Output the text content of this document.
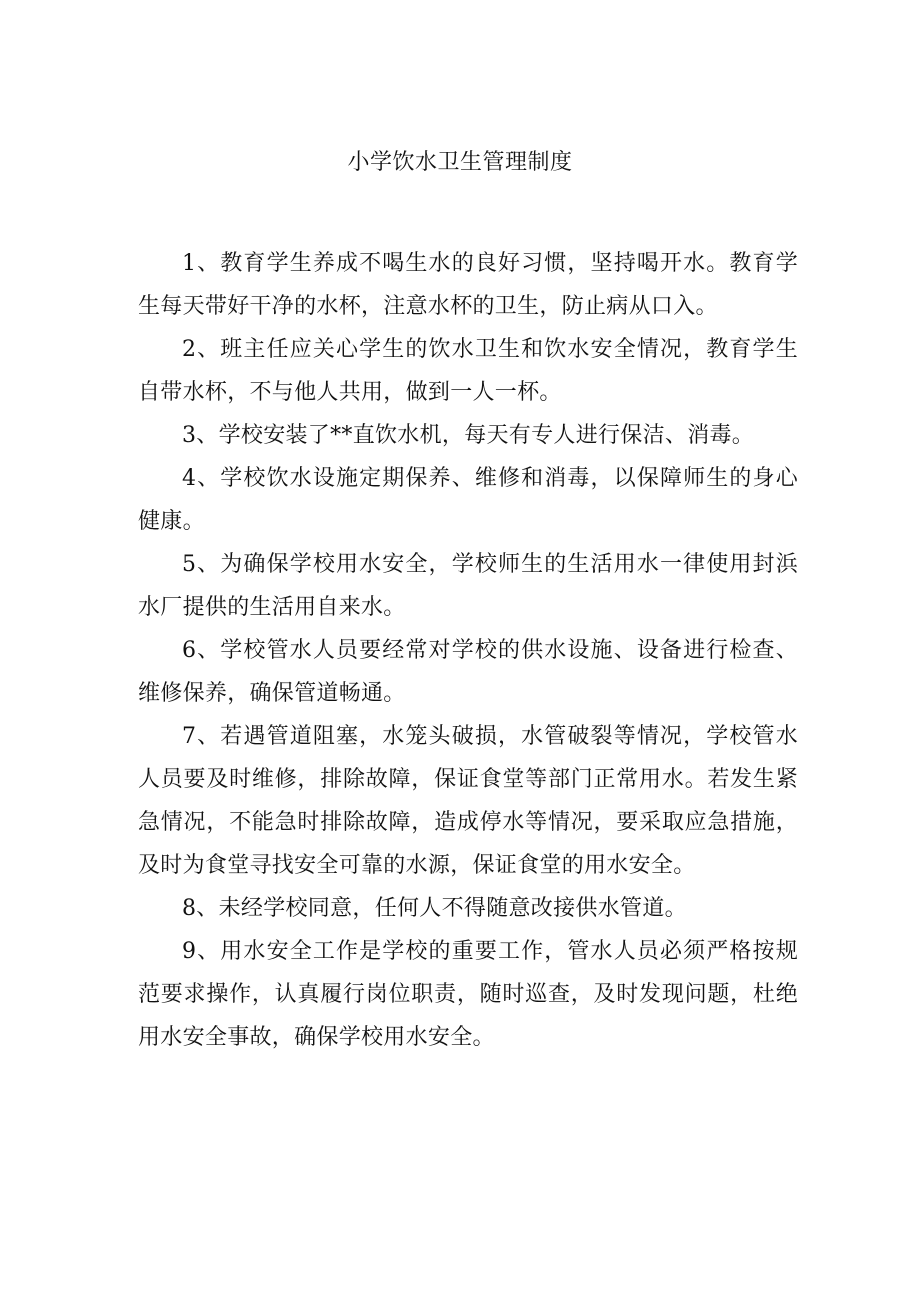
小学饮水卫生管理制度

1、教育学生养成不喝生水的良好习惯，坚持喝开水。教育学生每天带好干净的水杯，注意水杯的卫生，防止病从口入。

2、班主任应关心学生的饮水卫生和饮水安全情况，教育学生自带水杯，不与他人共用，做到一人一杯。

3、学校安装了**直饮水机，每天有专人进行保洁、消毒。

4、学校饮水设施定期保养、维修和消毒，以保障师生的身心健康。

5、为确保学校用水安全，学校师生的生活用水一律使用封浜水厂提供的生活用自来水。

6、学校管水人员要经常对学校的供水设施、设备进行检查、维修保养，确保管道畅通。

7、若遇管道阻塞，水笼头破损，水管破裂等情况，学校管水人员要及时维修，排除故障，保证食堂等部门正常用水。若发生紧急情况，不能急时排除故障，造成停水等情况，要采取应急措施，及时为食堂寻找安全可靠的水源，保证食堂的用水安全。

8、未经学校同意，任何人不得随意改接供水管道。

9、用水安全工作是学校的重要工作，管水人员必须严格按规范要求操作，认真履行岗位职责，随时巡查，及时发现问题，杜绝用水安全事故，确保学校用水安全。
